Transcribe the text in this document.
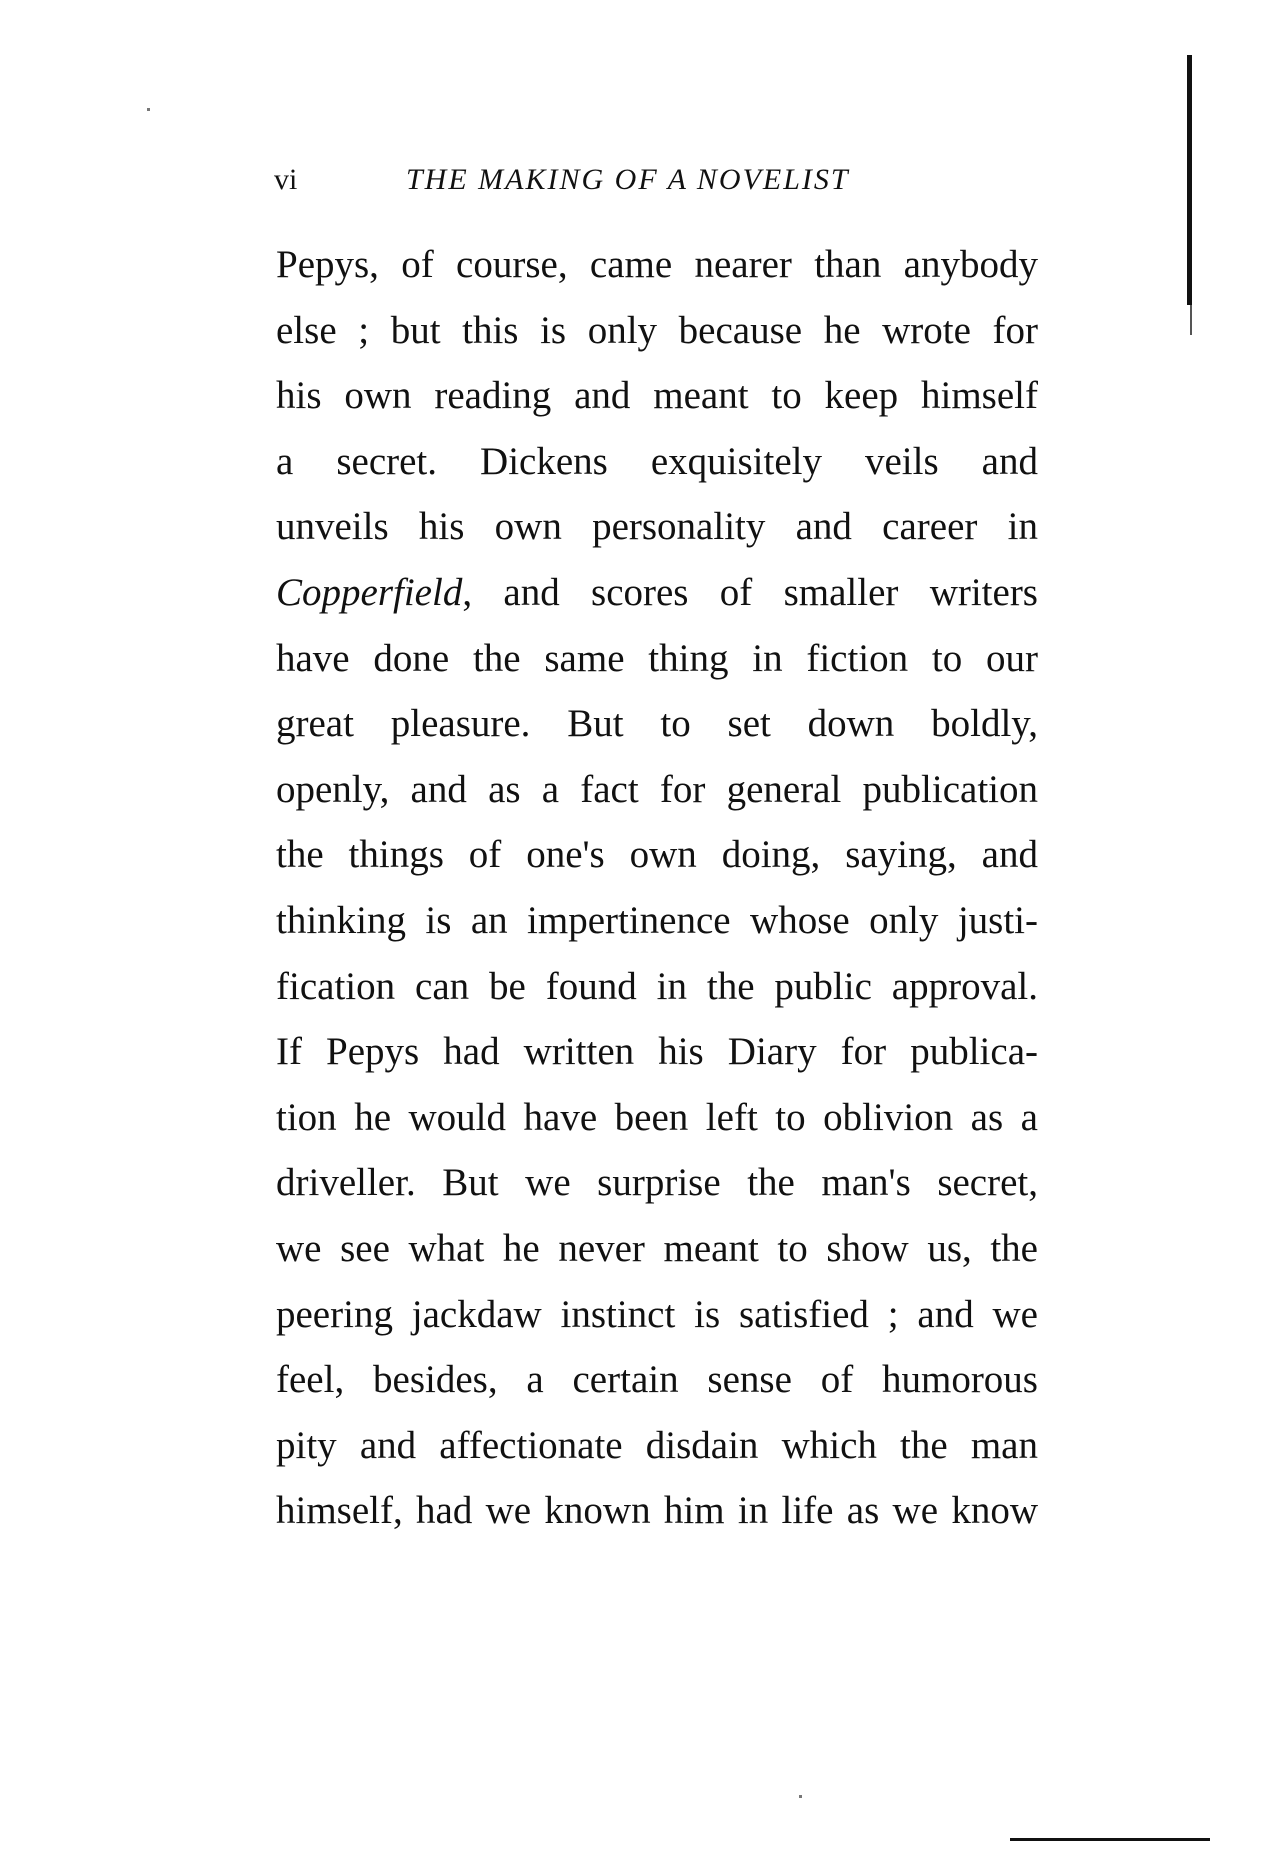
vi	THE MAKING OF A NOVELIST
Pepys, of course, came nearer than anybody
else ; but this is only because he wrote for
his own reading and meant to keep himself
a secret. Dickens exquisitely veils and
unveils his own personality and career in
Copperfield, and scores of smaller writers
have done the same thing in fiction to our
great pleasure. But to set down boldly,
openly, and as a fact for general publication
the things of one's own doing, saying, and
thinking is an impertinence whose only justi-
fication can be found in the public approval.
If Pepys had written his Diary for publica-
tion he would have been left to oblivion as a
driveller. But we surprise the man's secret,
we see what he never meant to show us, the
peering jackdaw instinct is satisfied ; and we
feel, besides, a certain sense of humorous
pity and affectionate disdain which the man
himself, had we known him in life as we know
